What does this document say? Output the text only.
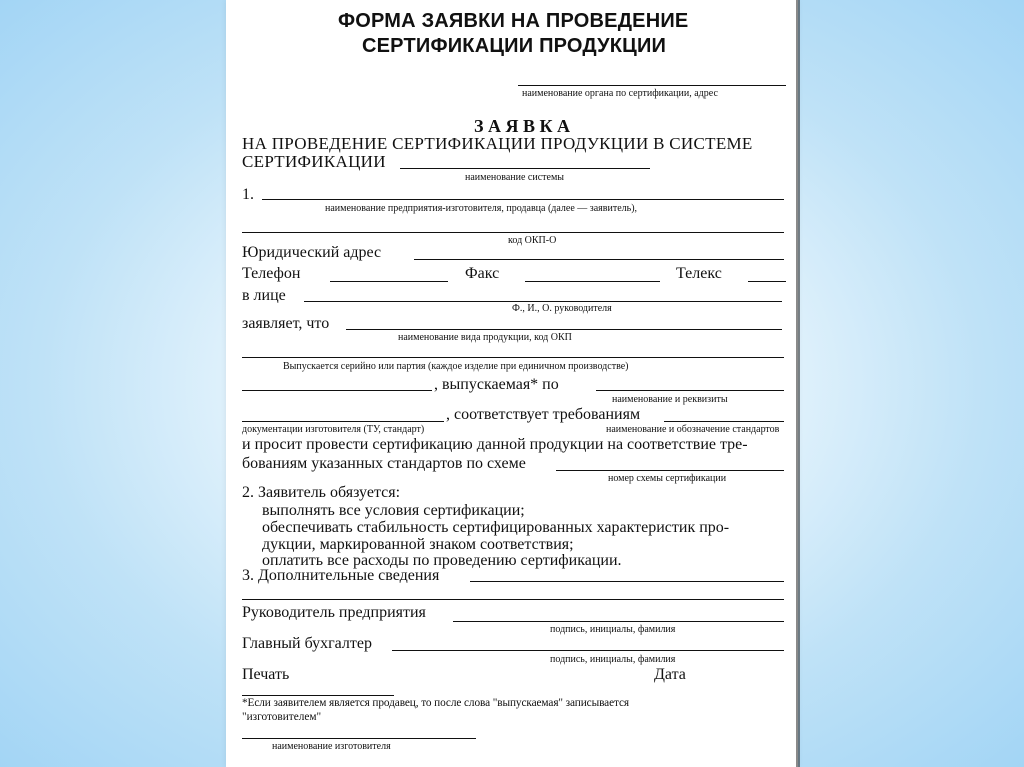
ФОРМА ЗАЯВКИ НА ПРОВЕДЕНИЕ
СЕРТИФИКАЦИИ ПРОДУКЦИИ
наименование органа по сертификации, адрес
З А Я В К А
НА ПРОВЕДЕНИЕ СЕРТИФИКАЦИИ ПРОДУКЦИИ В СИСТЕМЕ
СЕРТИФИКАЦИИ
наименование системы
1.
наименование предприятия-изготовителя, продавца (далее — заявитель),
код ОКП-О
Юридический адрес
Телефон	Факс	Телекс
в лице
Ф., И., О. руководителя
заявляет, что
наименование вида продукции, код ОКП
Выпускается серийно или партия (каждое изделие при единичном производстве)
, выпускаемая* по
наименование и реквизиты
, соответствует требованиям
документации изготовителя (ТУ, стандарт)	наименование и обозначение стандартов
и просит провести сертификацию данной продукции на соответствие тре-
бованиям указанных стандартов по схеме
номер схемы сертификации
2. Заявитель обязуется:
выполнять все условия сертификации;
обеспечивать стабильность сертифицированных характеристик про-
дукции, маркированной знаком соответствия;
оплатить все расходы по проведению сертификации.
3. Дополнительные сведения
Руководитель предприятия
подпись, инициалы, фамилия
Главный бухгалтер
подпись, инициалы, фамилия
Печать	Дата
*Если заявителем является продавец, то после слова "выпускаемая" записывается
"изготовителем"
наименование изготовителя
